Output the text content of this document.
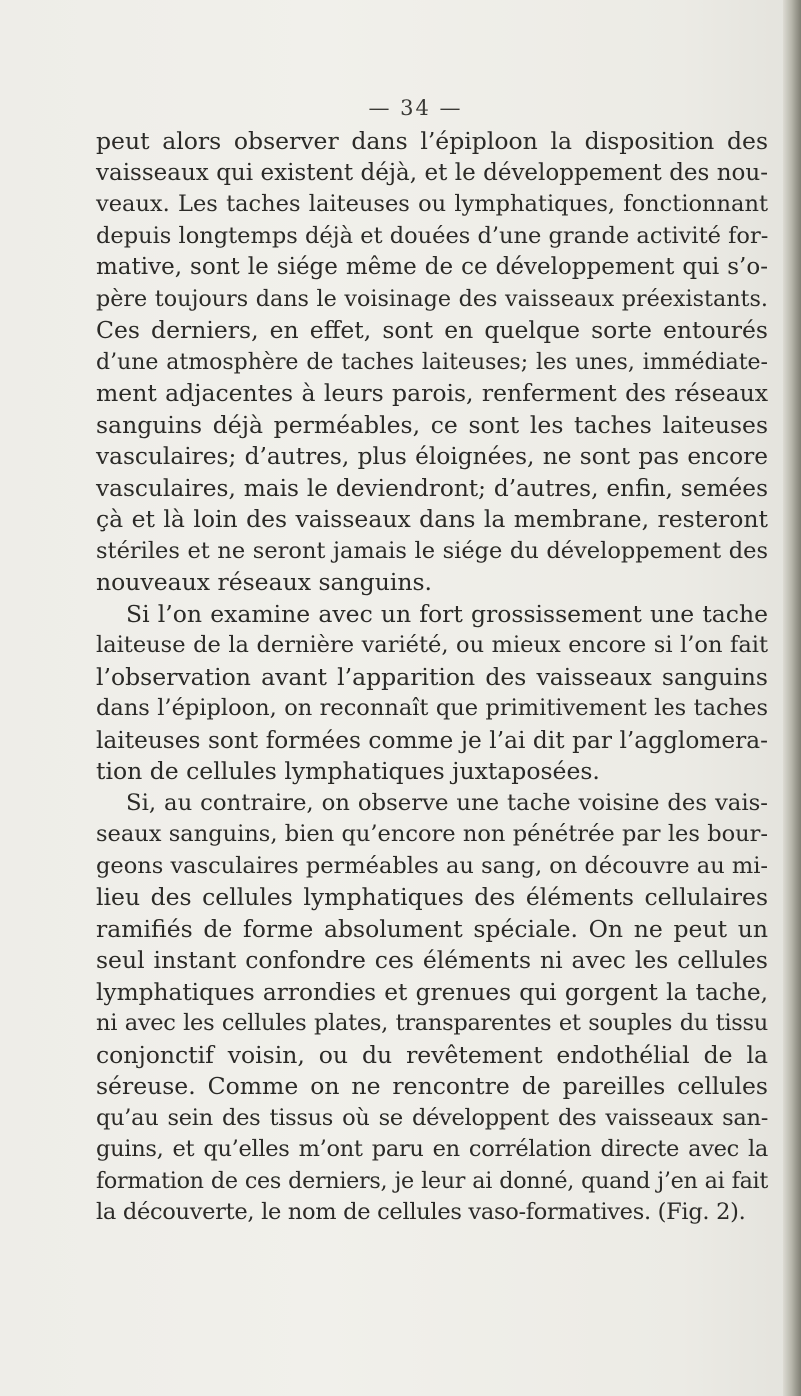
— 34 —
peut alors observer dans l’épiploon la disposition des
vaisseaux qui existent déjà, et le développement des nou-
veaux. Les taches laiteuses ou lymphatiques, fonctionnant
depuis longtemps déjà et douées d’une grande activité for-
mative, sont le siége même de ce développement qui s’o-
père toujours dans le voisinage des vaisseaux préexistants.
Ces derniers, en effet, sont en quelque sorte entourés
d’une atmosphère de taches laiteuses; les unes, immédiate-
ment adjacentes à leurs parois, renferment des réseaux
sanguins déjà perméables, ce sont les taches laiteuses
vasculaires; d’autres, plus éloignées, ne sont pas encore
vasculaires, mais le deviendront; d’autres, enfin, semées
çà et là loin des vaisseaux dans la membrane, resteront
stériles et ne seront jamais le siége du développement des
nouveaux réseaux sanguins.
Si l’on examine avec un fort grossissement une tache
laiteuse de la dernière variété, ou mieux encore si l’on fait
l’observation avant l’apparition des vaisseaux sanguins
dans l’épiploon, on reconnaît que primitivement les taches
laiteuses sont formées comme je l’ai dit par l’agglomera-
tion de cellules lymphatiques juxtaposées.
Si, au contraire, on observe une tache voisine des vais-
seaux sanguins, bien qu’encore non pénétrée par les bour-
geons vasculaires perméables au sang, on découvre au mi-
lieu des cellules lymphatiques des éléments cellulaires
ramifiés de forme absolument spéciale. On ne peut un
seul instant confondre ces éléments ni avec les cellules
lymphatiques arrondies et grenues qui gorgent la tache,
ni avec les cellules plates, transparentes et souples du tissu
conjonctif voisin, ou du revêtement endothélial de la
séreuse. Comme on ne rencontre de pareilles cellules
qu’au sein des tissus où se développent des vaisseaux san-
guins, et qu’elles m’ont paru en corrélation directe avec la
formation de ces derniers, je leur ai donné, quand j’en ai fait
la découverte, le nom de cellules vaso-formatives. (Fig. 2).
